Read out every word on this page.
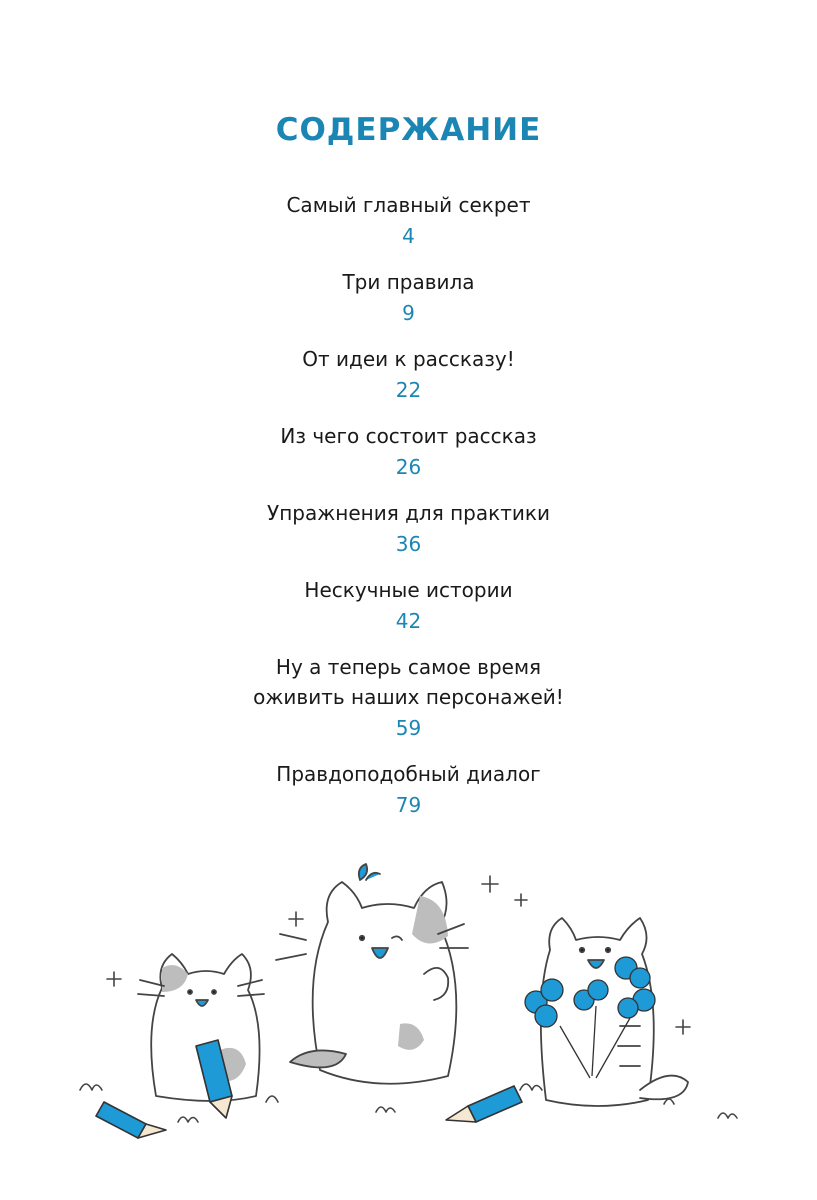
СОДЕРЖАНИЕ
Самый главный секрет
4
Три правила
9
От идеи к рассказу!
22
Из чего состоит рассказ
26
Упражнения для практики
36
Нескучные истории
42
Ну а теперь самое время
оживить наших персонажей!
59
Правдоподобный диалог
79
